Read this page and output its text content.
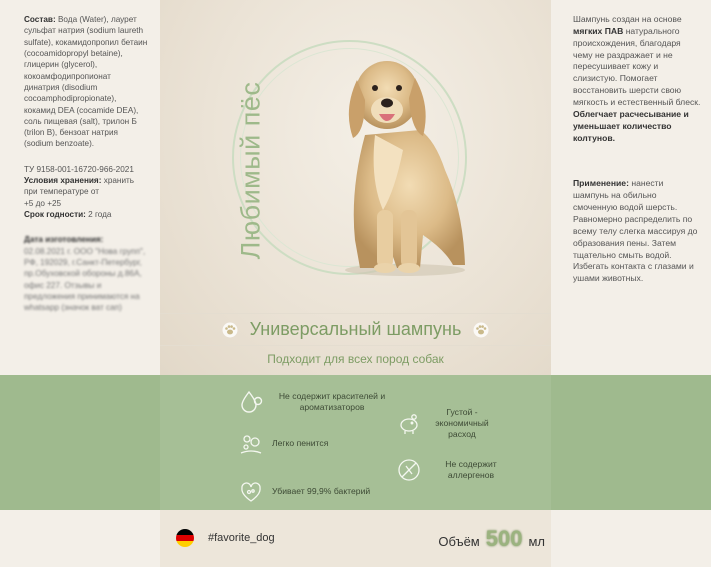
Состав: Вода (Water), лаурет сульфат натрия (sodium laureth sulfate), кокамидопропил бетаин (cocoamidopropyl betaine), глицерин (glycerol), кокоамфодипропионат динатрия (disodium cocoamphodipropionate), кокамид DEA (cocamide DEA), соль пищевая (salt), трилон Б (trilon B), бензоат натрия (sodium benzoate).
ТУ 9158-001-16720-966-2021
Условия хранения: хранить при температуре от
+5 до +25
Срок годности: 2 года
Дата изготовления:
02.08.2021 г. ООО "Нова групп", РФ, 192029, г.Санкт-Петербург, пр.Обуховской обороны д.86А, офис 227. Отзывы и предложения принимаются на whatsapp (значок ват сап)
Любимый пёс
Универсальный шампунь
Подходит для всех пород собак
Шампунь создан на основе мягких ПАВ натурального происхождения, благодаря чему не раздражает и не пересушивает кожу и слизистую. Помогает восстановить шерсти свою мягкость и естественный блеск. Облегчает расчесывание и уменьшает количество колтунов.
Применение: нанести шампунь на обильно смоченную водой шерсть. Равномерно распределить по всему телу слегка массируя до образования пены. Затем тщательно смыть водой. Избегать контакта с глазами и ушами животных.
Не содержит красителей и ароматизаторов
Легко пенится
Убивает 99,9% бактерий
Густой - экономичный расход
Не содержит аллергенов
#favorite_dog	Объём 500 мл
